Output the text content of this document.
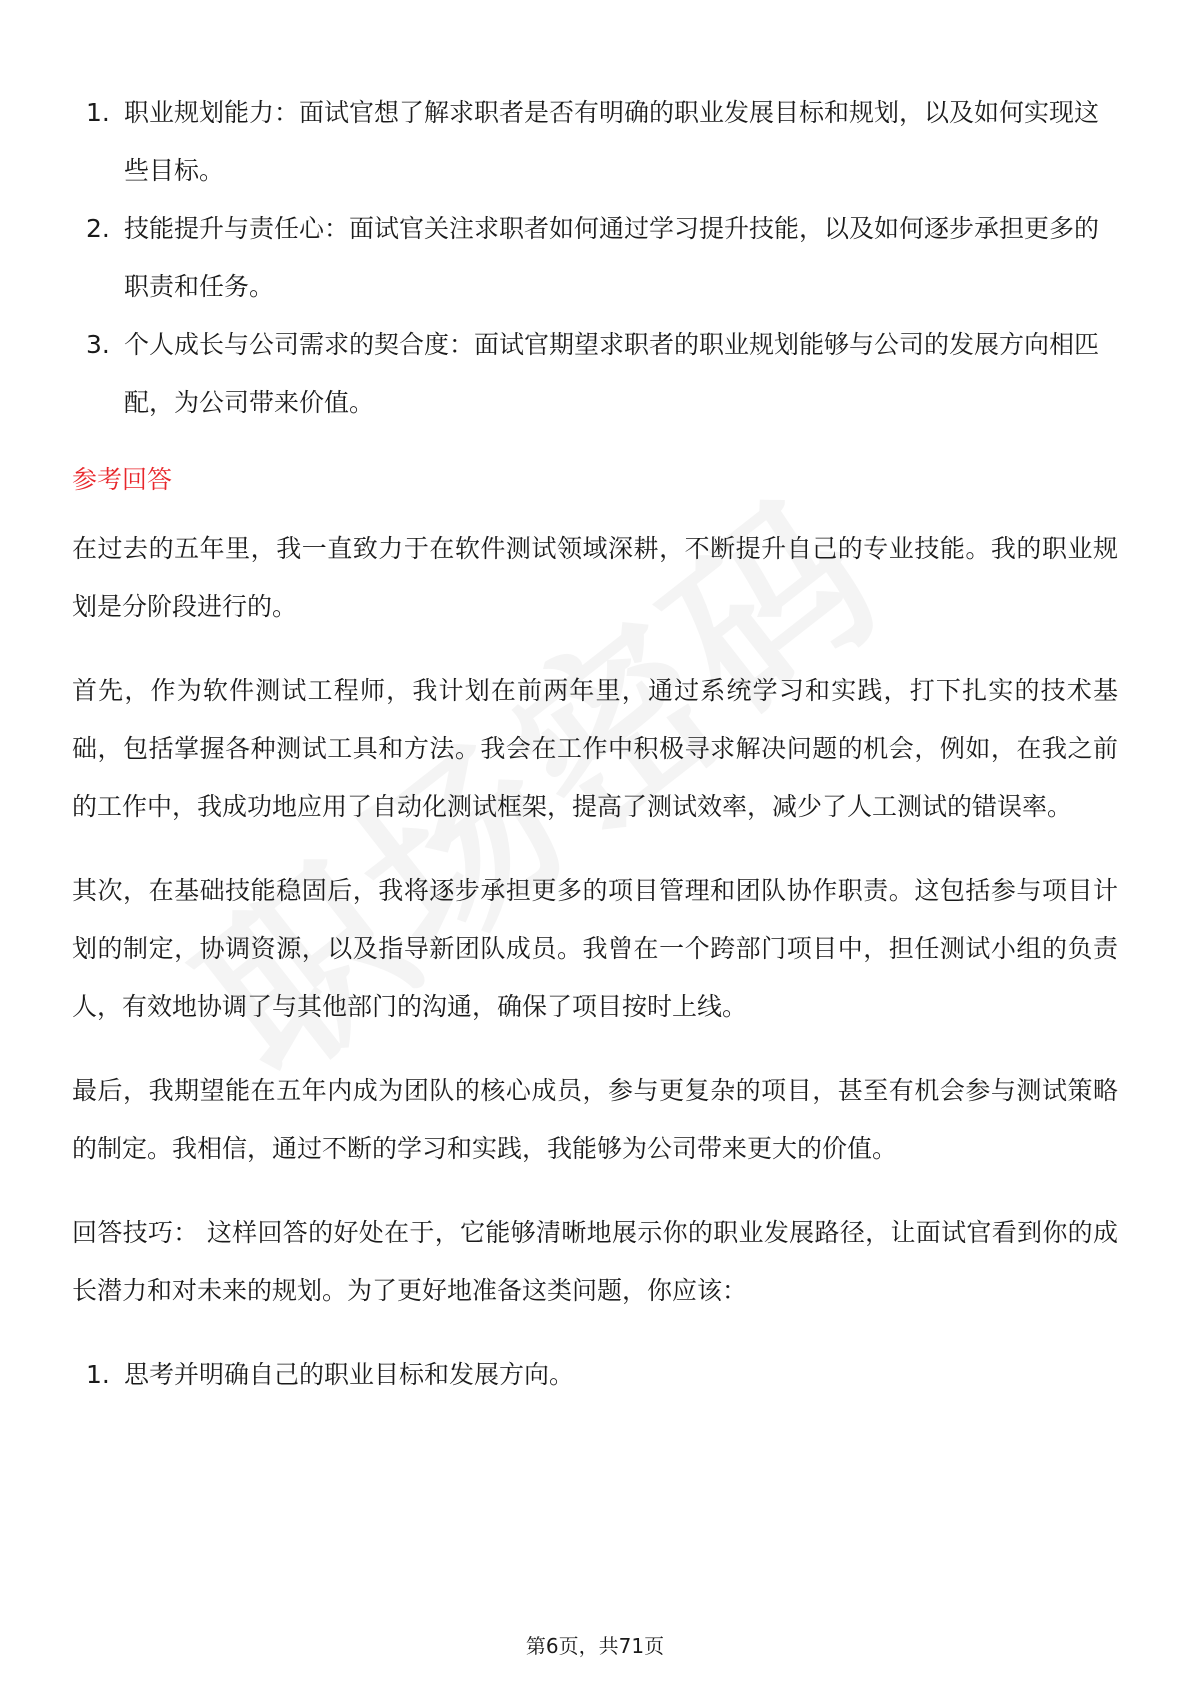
1. 职业规划能力：面试官想了解求职者是否有明确的职业发展目标和规划，以及如何实现这些目标。
2. 技能提升与责任心：面试官关注求职者如何通过学习提升技能，以及如何逐步承担更多的职责和任务。
3. 个人成长与公司需求的契合度：面试官期望求职者的职业规划能够与公司的发展方向相匹配，为公司带来价值。
参考回答

在过去的五年里，我一直致力于在软件测试领域深耕，不断提升自己的专业技能。我的职业规划是分阶段进行的。

首先，作为软件测试工程师，我计划在前两年里，通过系统学习和实践，打下扎实的技术基础，包括掌握各种测试工具和方法。我会在工作中积极寻求解决问题的机会，例如，在我之前的工作中，我成功地应用了自动化测试框架，提高了测试效率，减少了人工测试的错误率。

其次，在基础技能稳固后，我将逐步承担更多的项目管理和团队协作职责。这包括参与项目计划的制定，协调资源，以及指导新团队成员。我曾在一个跨部门项目中，担任测试小组的负责人，有效地协调了与其他部门的沟通，确保了项目按时上线。

最后，我期望能在五年内成为团队的核心成员，参与更复杂的项目，甚至有机会参与测试策略的制定。我相信，通过不断的学习和实践，我能够为公司带来更大的价值。

回答技巧： 这样回答的好处在于，它能够清晰地展示你的职业发展路径，让面试官看到你的成长潜力和对未来的规划。为了更好地准备这类问题，你应该：

1. 思考并明确自己的职业目标和发展方向。
第6页，共71页
